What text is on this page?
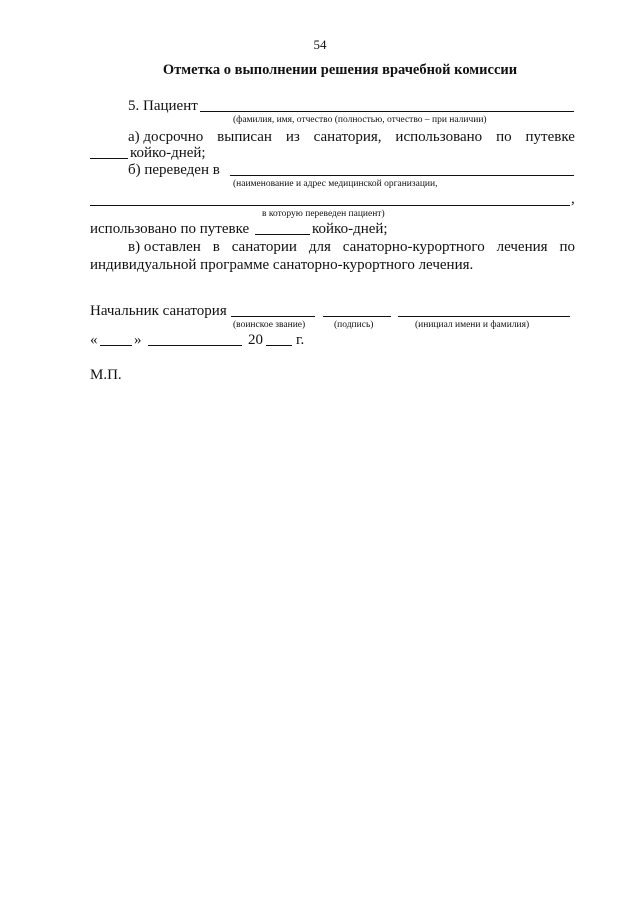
54
Отметка о выполнении решения врачебной комиссии
5. Пациент
(фамилия, имя, отчество (полностью, отчество – при наличии)
а) досрочно выписан из санатория, использовано по путевке
койко-дней;
б) переведен в
(наименование и адрес медицинской организации,
,
в которую переведен пациент)
использовано по путевке	койко-дней;
в) оставлен в санатории для санаторно-курортного лечения по
индивидуальной программе санаторно-курортного лечения.
Начальник санатория
(воинское звание)	(подпись)	(инициал имени и фамилия)
« »	20 г.
М.П.
